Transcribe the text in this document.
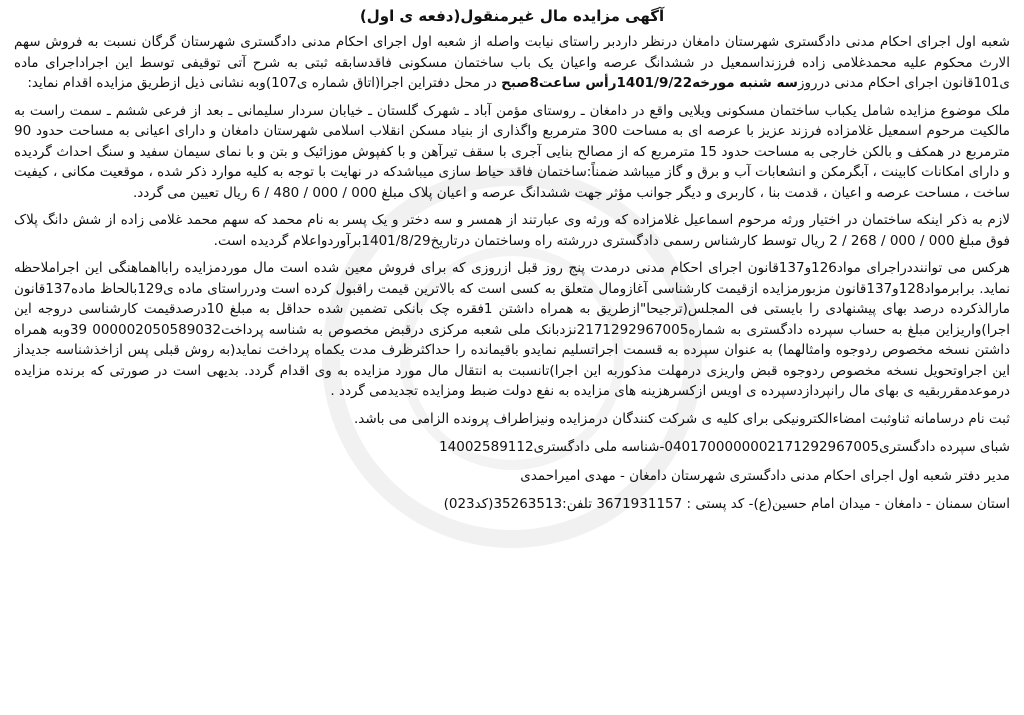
آگهی مزایده مال غیرمنقول(دفعه ی اول)

شعبه اول اجرای احکام مدنی دادگستری شهرستان دامغان درنظر داردبر راستای نیابت واصله از شعبه اول اجرای احکام مدنی دادگستری شهرستان گرگان نسبت به فروش سهم الارث محکوم علیه محمدغلامی زاده فرزنداسمعیل در ششدانگ عرصه واعیان یک باب ساختمان مسکونی فاقدسابقه ثبتی به شرح آتی توقیفی توسط این اجراداجرای ماده ی101قانون اجرای احکام مدنی درروزسه شنبه مورخه1401/9/22رأس ساعت8صبح در محل دفتراین اجرا(اتاق شماره ی107)وبه نشانی ذیل ازطریق مزایده اقدام نماید:

ملک موضوع مزایده شامل یکباب ساختمان مسکونی ویلایی واقع در دامغان ـ روستای مؤمن آباد ـ شهرک گلستان ـ خیابان سردار سلیمانی ـ بعد از فرعی ششم ـ سمت راست به مالکیت مرحوم اسمعیل غلامزاده فرزند عزیز با عرصه ای به مساحت 300 مترمربع واگذاری از بنیاد مسکن انقلاب اسلامی شهرستان دامغان و دارای اعیانی به مساحت حدود 90 مترمربع در همکف و بالکن خارجی به مساحت حدود 15 مترمربع که از مصالح بنایی آجری با سقف تیرآهن و با کفپوش موزائیک و بتن و با نمای سیمان سفید و سنگ احداث گردیده و دارای امکانات کابینت ، آبگرمکن و انشعابات آب و برق و گاز میباشد ضمناً:ساختمان فاقد حیاط سازی میباشدکه در نهایت با توجه به کلیه موارد ذکر شده ، موقعیت مکانی ، کیفیت ساخت ، مساحت عرصه و اعیان ، قدمت بنا ، کاربری و دیگر جوانب مؤثر جهت ششدانگ عرصه و اعیان پلاک مبلغ 000 / 000 / 480 / 6 ریال تعیین می گردد.

لازم به ذکر اینکه ساختمان در اختیار ورثه مرحوم اسماعیل غلامزاده که ورثه وی عبارتند از همسر و سه دختر و یک پسر به نام محمد که سهم محمد غلامی زاده از شش دانگ پلاک فوق مبلغ 000 / 000 / 268 / 2 ریال توسط کارشناس رسمی دادگستری دررشته راه وساختمان درتاریخ1401/8/29برآوردواعلام گردیده است.

هرکس می تواننددراجرای مواد126و137قانون اجرای احکام مدنی درمدت پنج روز قبل ازروزی که برای فروش معین شده است مال موردمزایده رابااهماهنگی این اجراملاحظه نماید. برابرمواد128و137قانون مزبورمزایده ازقیمت کارشناسی آغازومال متعلق به کسی است که بالاترین قیمت راقبول کرده است ودرراستای ماده ی129بالحاظ ماده137قانون مارالذکرده درصد بهای پیشنهادی را بایستی فی المجلس(ترجیحا"ازطریق به همراه داشتن 1فقره چک بانکی تضمین شده حداقل به مبلغ 10درصدقیمت کارشناسی دروجه این اجرا)واریزاین مبلغ به حساب سپرده دادگستری به شماره2171292967005نزدبانک ملی شعبه مرکزی درقبض مخصوص به شناسه پرداخت000002050589032 39وبه همراه داشتن نسخه مخصوص ردوجوه وامثالهما) به عنوان سپرده به قسمت اجراتسلیم نمایدو باقیمانده را حداکثرظرف مدت یکماه پرداخت نماید(به روش قبلی پس ازاخذشناسه جدیداز این اجراوتحویل نسخه مخصوص ردوجوه قبض واریزی درمهلت مذکوربه این اجرا)تانسبت به انتقال مال مورد مزایده به وی اقدام گردد. بدیهی است در صورتی که برنده مزایده درموعدمقرربقیه ی بهای مال رانپردازدسپرده ی اویس ازکسرهزینه های مزایده به نفع دولت ضبط ومزایده تجدیدمی گردد .

ثبت نام درسامانه ثناوثبت امضاءالکترونیکی برای کلیه ی شرکت کنندگان درمزایده ونیزاطراف پرونده الزامی می باشد.
شبای سپرده دادگستری0401700000002171292967005-شناسه ملی دادگستری14002589112
مدیر دفتر شعبه اول اجرای احکام مدنی دادگستری شهرستان دامغان - مهدی امیراحمدی
استان سمنان - دامغان - میدان امام حسین(ع)- کد پستی : 3671931157 تلفن:35263513(کد023)
